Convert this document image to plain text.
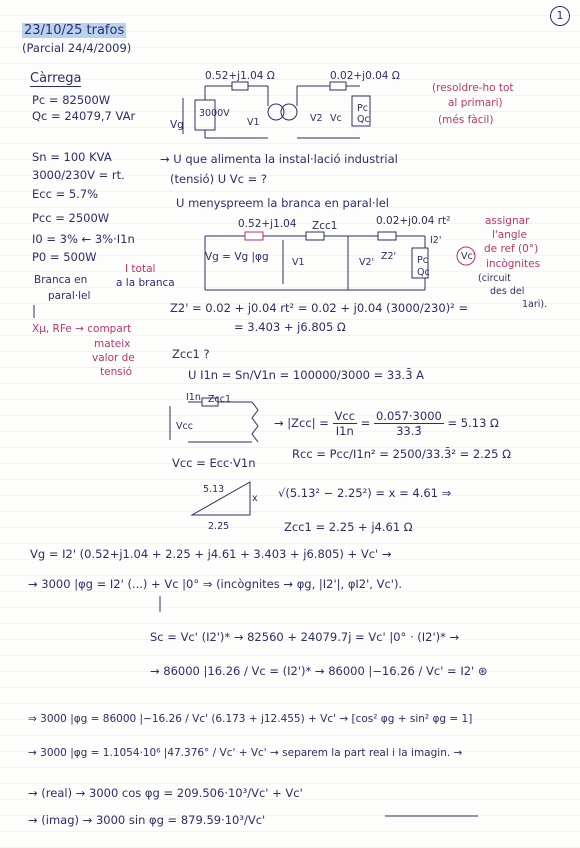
1
23/10/25 trafos
(Parcial 24/4/2009)
Càrrega
Pc = 82500W
Qc = 24079,7 VAr
Sn = 100 KVA
3000/230V = rt.
Ecc = 5.7%
Pcc = 2500W
I0 = 3% ← 3%·I1n
P0 = 500W
I total
Branca en
paral·lel
a la branca
Xμ, RFe → compart
mateix
valor de
tensió
0.52+j1.04 Ω	0.02+j0.04 Ω
Vg
3000V
V1	V2 Vc
Pc
Qc
(resoldre-ho tot
al primari)
(més fàcil)
→ U que alimenta la instal·lació industrial
(tensió) U Vc = ?
U menyspreem la branca en paral·lel
0.52+j1.04 Zcc1	0.02+j0.04 rt²
I2'
Vg = Vg |φg V1	V2'
Z2' Pc
Qc
Vc'
assignar
l'angle
de ref (0°)
incògnites
(circuit
des del
1ari).
Z2' = 0.02 + j0.04 rt² = 0.02 + j0.04 (3000/230)² =
= 3.403 + j6.805 Ω
Zcc1 ?
U I1n = Sn/V1n = 100000/3000 = 33.3̄ A
I1n Zcc1
Vcc	→ $|Zcc| = \frac{\text{Vcc}}{I1n} = \frac{0.057\cdot 3000}{33.3̄} = 5.13$ Ω
Vcc = Ecc·V1n
Rcc = Pcc/I1n² = 2500/33.3̄² = 2.25 Ω
5.13
2.25
x √(5.13² − 2.25²) = x = 4.61 ⇒
Zcc1 = 2.25 + j4.61 Ω
Vg = I2' (0.52+j1.04 + 2.25 + j4.61 + 3.403 + j6.805) + Vc' →
→ 3000 |φg = I2' (...) + Vc |0° ⇒ (incògnites → φg, |I2'|, φI2', Vc').
Sc = Vc' (I2')* → 82560 + 24079.7j = Vc' |0° · (I2')* →
→ 86000 |16.26 / Vc = (I2')* → 86000 |−16.26 / Vc' = I2' ⊛
⇒ 3000 |φg = 86000 |−16.26 / Vc' (6.173 + j12.455) + Vc' → [cos² φg + sin² φg = 1]
→ 3000 |φg = 1.1054·10⁶ |47.376° / Vc' + Vc' → separem la part real i la imagin. →
→ (real) → 3000 cos φg = 209.506·10³/Vc' + Vc'
→ (imag) → 3000 sin φg = 879.59·10³/Vc'
